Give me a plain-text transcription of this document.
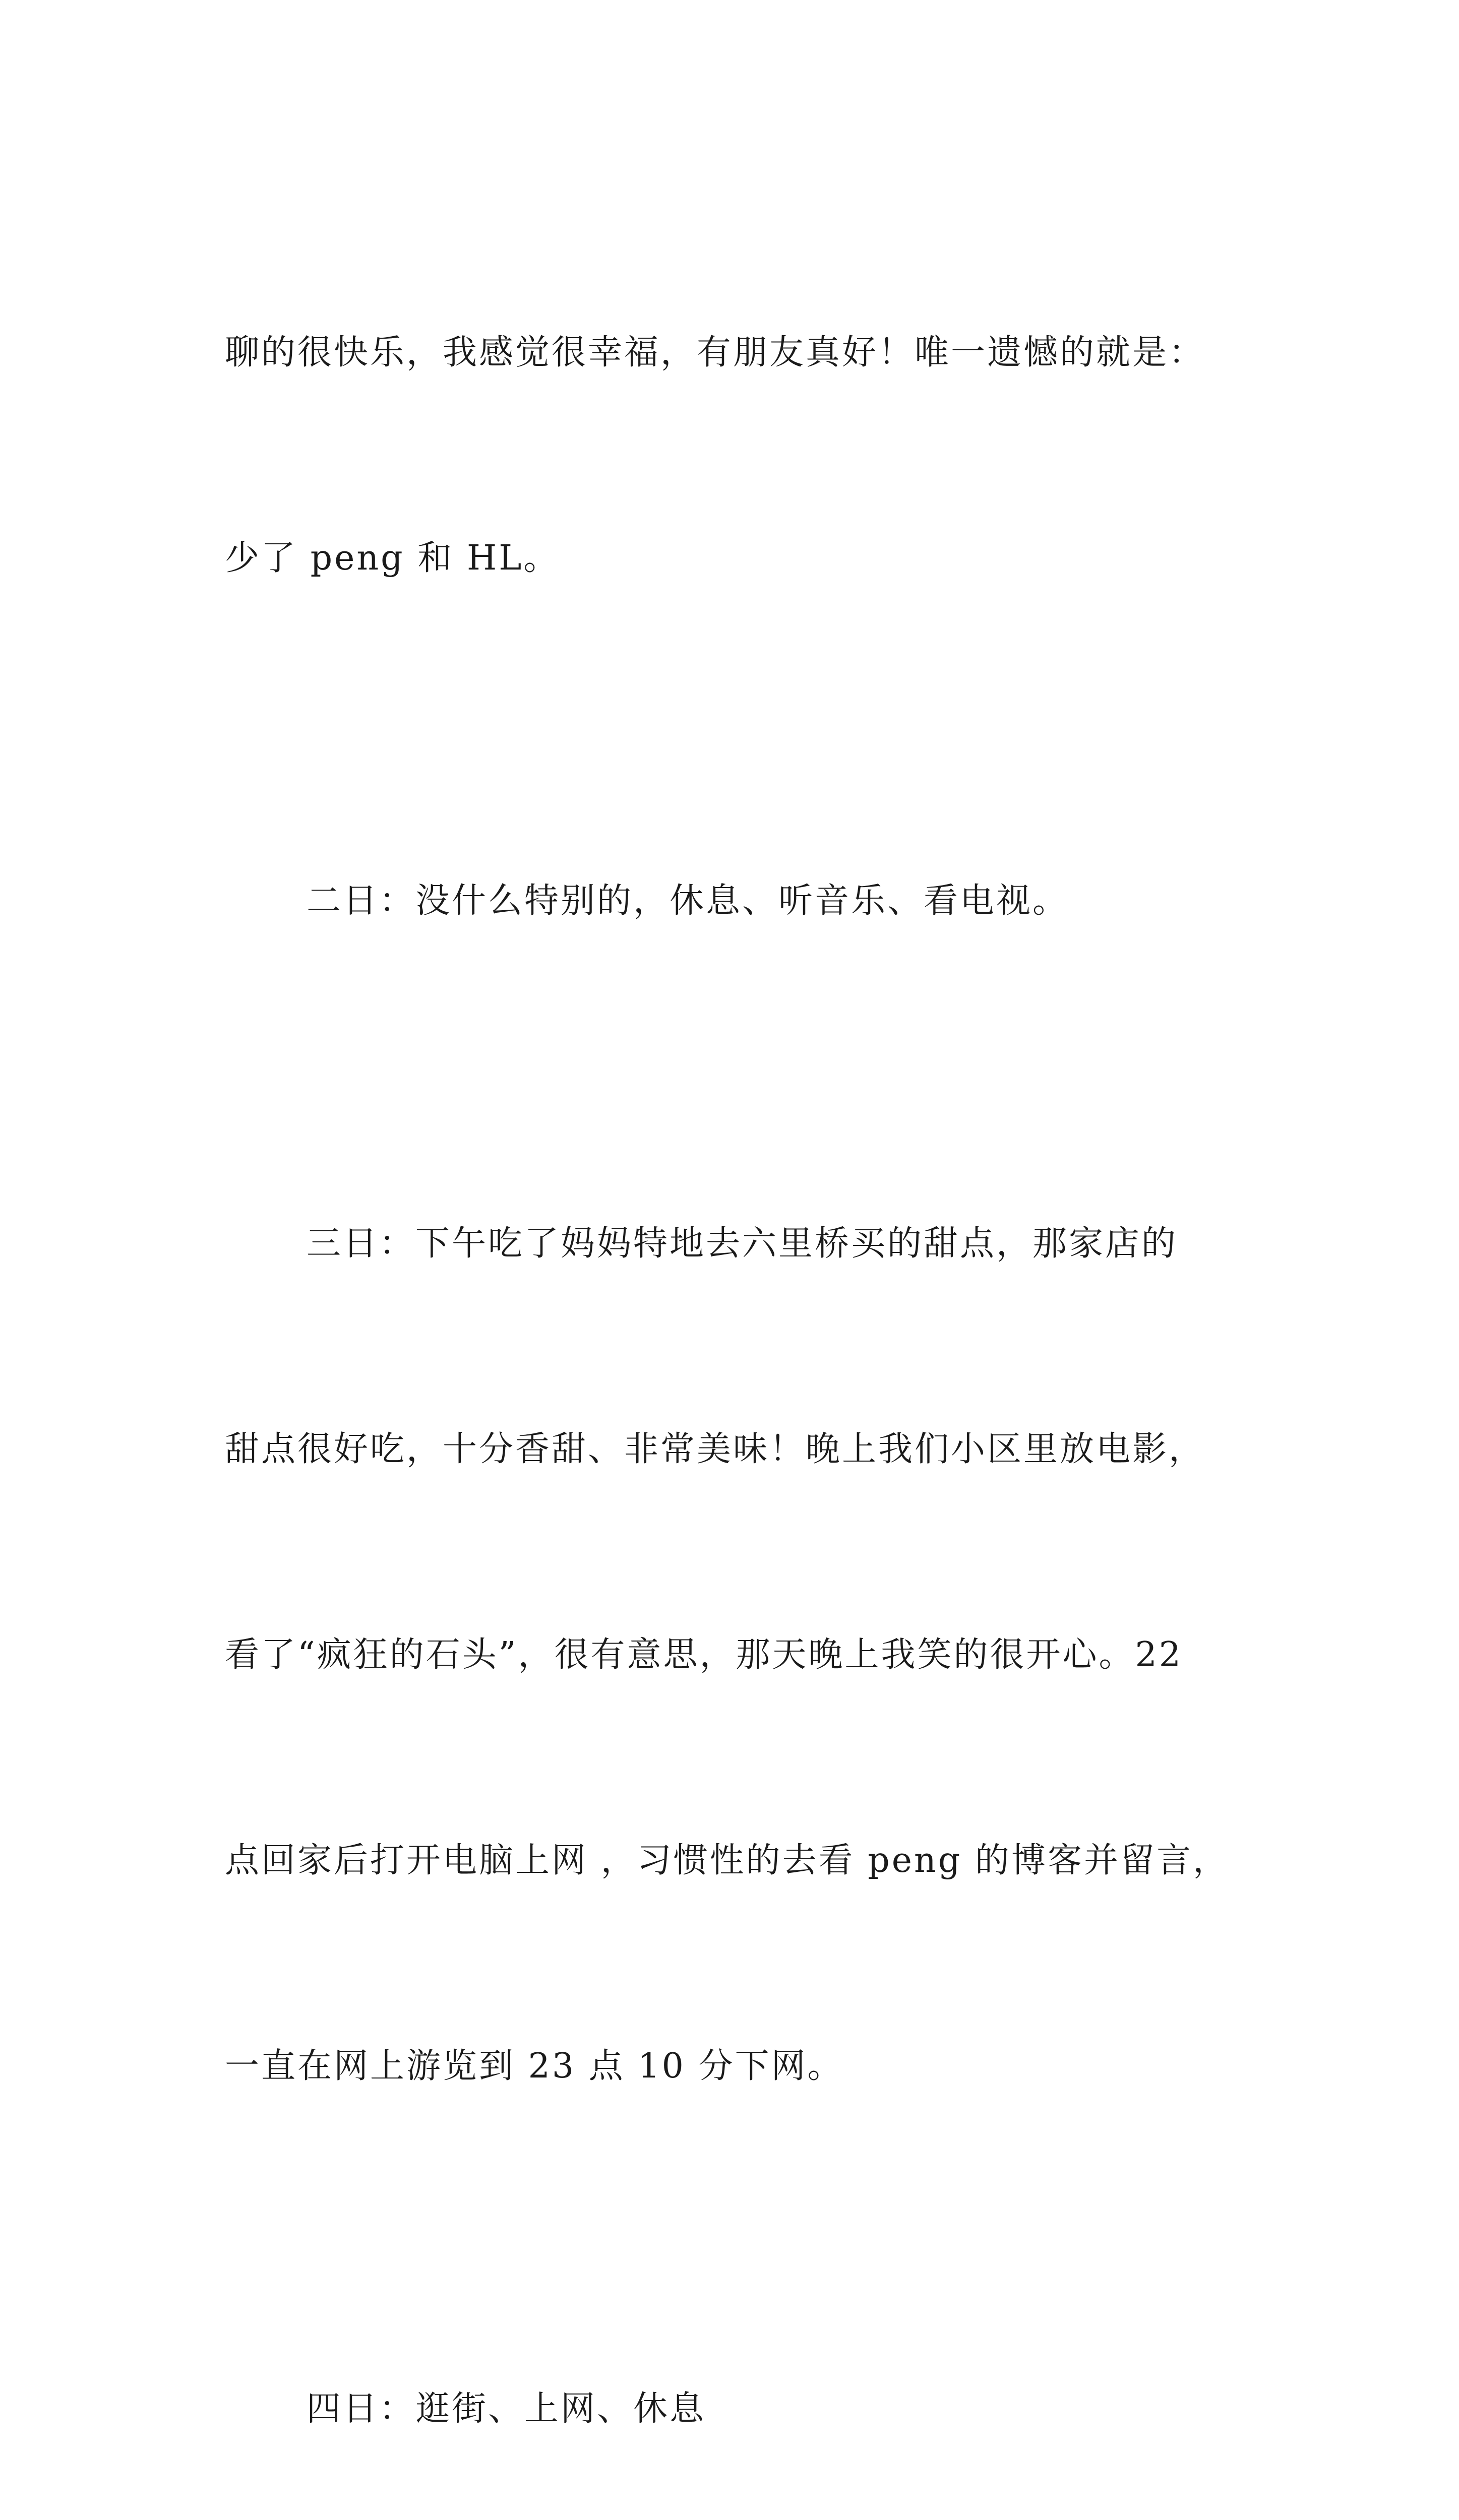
聊的很快乐，我感觉很幸福，有朋友真好！唯一遗憾的就是：

少了 peng 和 HL。

二日：没什么特别的，休息、听音乐、看电视。

三日：下午吃了妈妈特地去六里桥买的甜点，那家店的

甜点很好吃，十分香甜、非常美味！晚上我们小区里放电影，

看了“疯狂的石头”，很有意思，那天晚上我笑的很开心。22

点回家后打开电脑上网 ，习惯性的去看 peng 的博客并留言，

一直在网上游览到 23 点 10 分下网。

四日：逛街、上网、休息
